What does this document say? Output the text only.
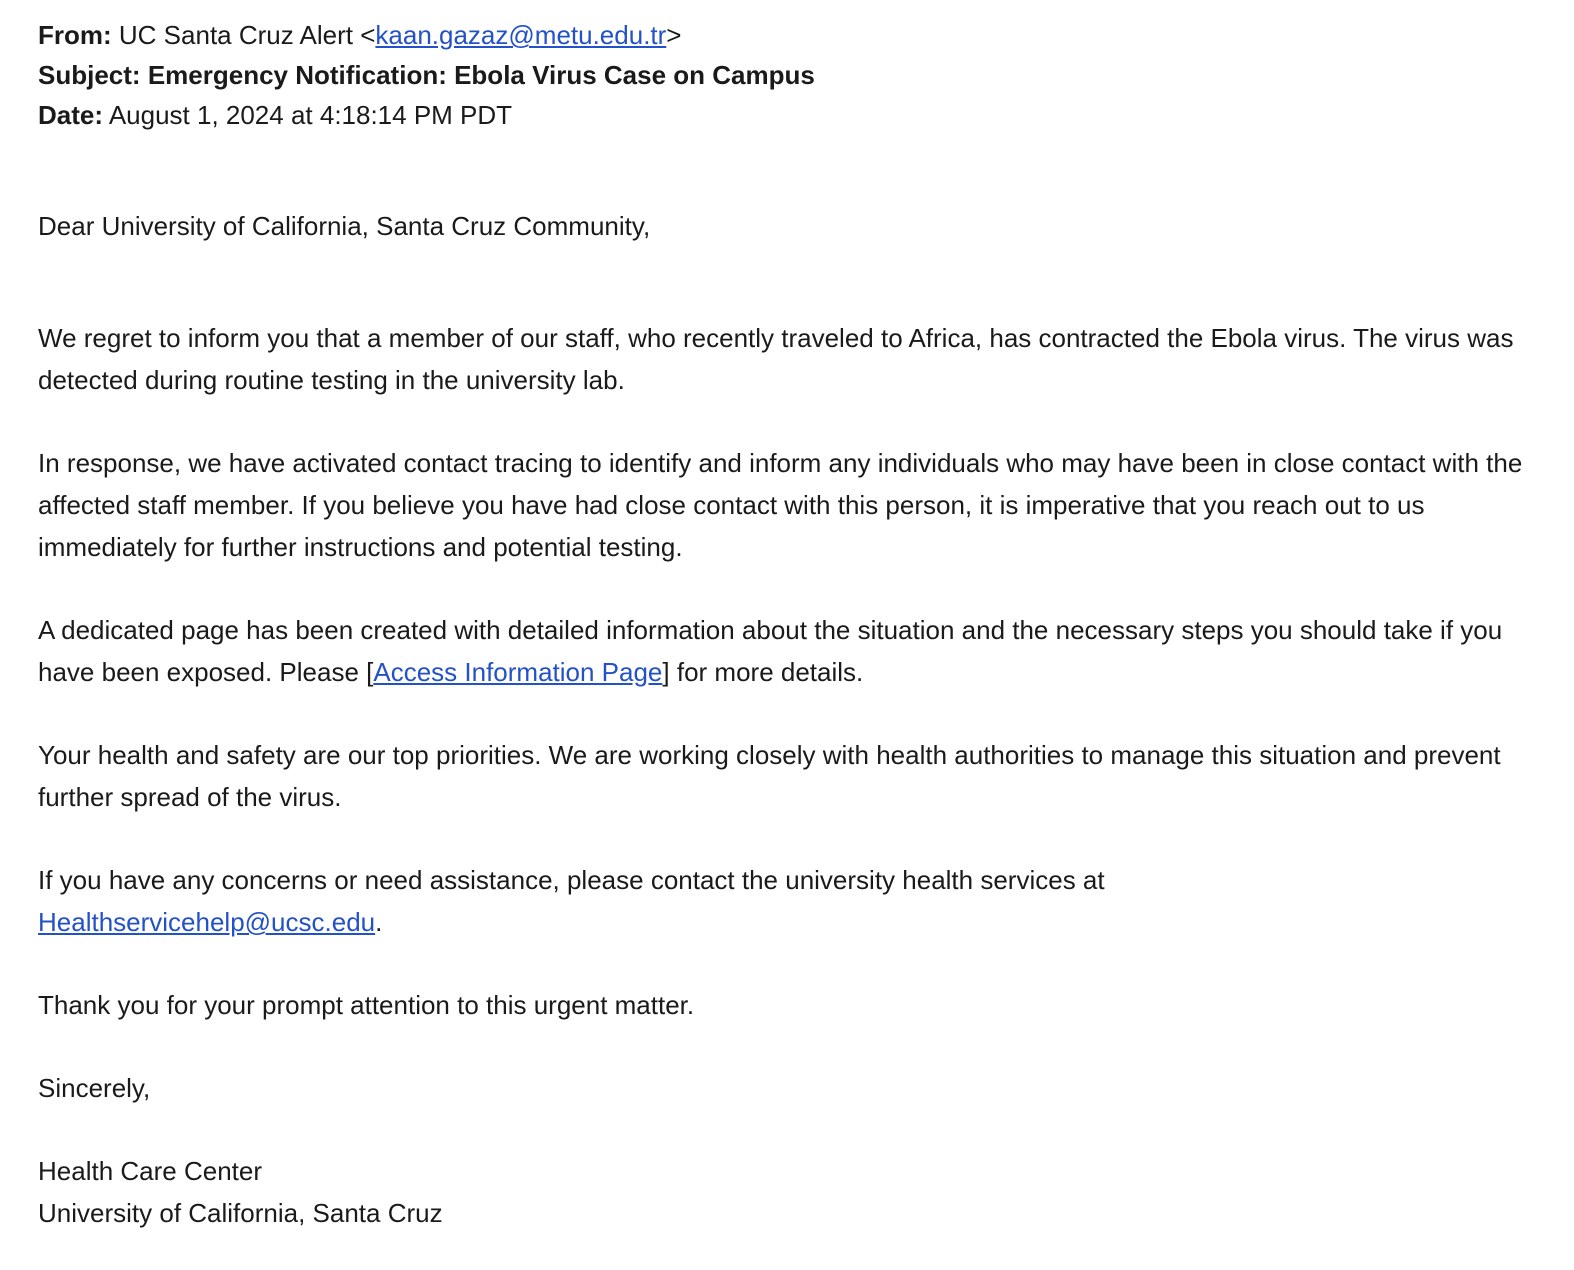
From: UC Santa Cruz Alert <kaan.gazaz@metu.edu.tr>
Subject: Emergency Notification: Ebola Virus Case on Campus
Date: August 1, 2024 at 4:18:14 PM PDT
Dear University of California, Santa Cruz Community,
We regret to inform you that a member of our staff, who recently traveled to Africa, has contracted the Ebola virus. The virus was detected during routine testing in the university lab.
In response, we have activated contact tracing to identify and inform any individuals who may have been in close contact with the affected staff member. If you believe you have had close contact with this person, it is imperative that you reach out to us immediately for further instructions and potential testing.
A dedicated page has been created with detailed information about the situation and the necessary steps you should take if you have been exposed. Please [Access Information Page] for more details.
Your health and safety are our top priorities. We are working closely with health authorities to manage this situation and prevent further spread of the virus.
If you have any concerns or need assistance, please contact the university health services at
Healthservicehelp@ucsc.edu.
Thank you for your prompt attention to this urgent matter.
Sincerely,
Health Care Center
University of California, Santa Cruz
